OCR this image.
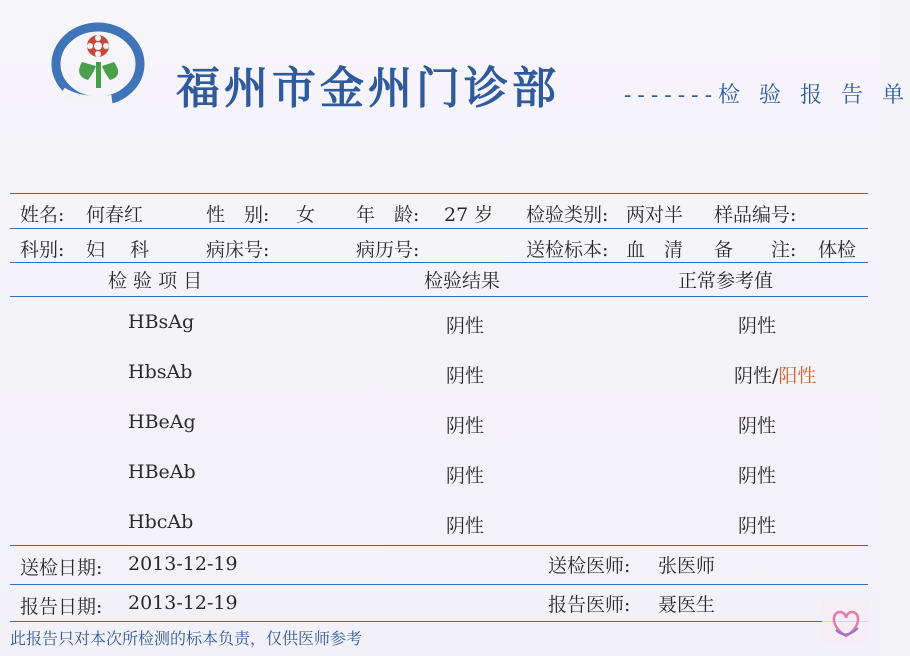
福州市金州门诊部	-------检 验 报 告 单
姓名: 何春红	性　别: 女 年　龄: 27 岁 检验类别: 两对半 样品编号:
科别: 妇　 科	病床号:	病历号:	送检标本: 血　清 备　　注: 体检
检 验 项 目	检验结果	正常参考值
HBsAg	阴性	阴性
HbsAb	阴性	阴性/阳性
HBeAg	阴性	阴性
HBeAb	阴性	阴性
HbcAb	阴性	阴性
送检日期: 2013-12-19	送检医师: 张医师
报告日期: 2013-12-19	报告医师: 聂医生
此报告只对本次所检测的标本负责，仅供医师参考
